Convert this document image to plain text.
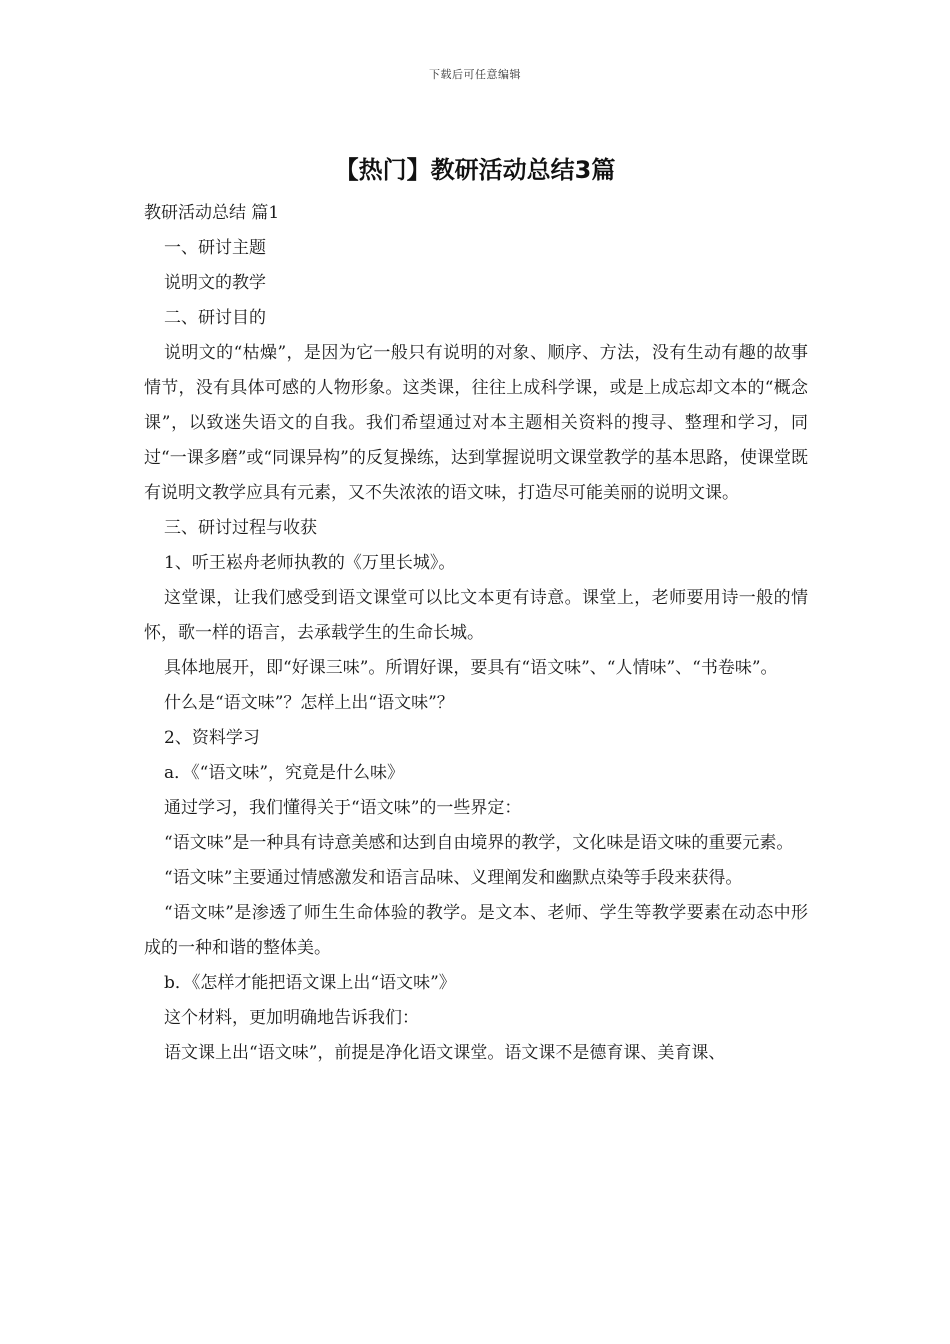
下载后可任意编辑
【热门】教研活动总结3篇

教研活动总结 篇1

一、研讨主题

说明文的教学

二、研讨目的

说明文的“枯燥”，是因为它一般只有说明的对象、顺序、方法，没有生动有趣的故事情节，没有具体可感的人物形象。这类课，往往上成科学课，或是上成忘却文本的“概念课”，以致迷失语文的自我。我们希望通过对本主题相关资料的搜寻、整理和学习，同过“一课多磨”或“同课异构”的反复操练，达到掌握说明文课堂教学的基本思路，使课堂既有说明文教学应具有元素，又不失浓浓的语文味，打造尽可能美丽的说明文课。

三、研讨过程与收获

1、听王崧舟老师执教的《万里长城》。

这堂课，让我们感受到语文课堂可以比文本更有诗意。课堂上，老师要用诗一般的情怀，歌一样的语言，去承载学生的生命长城。

具体地展开，即“好课三味”。所谓好课，要具有“语文味”、“人情味”、“书卷味”。

什么是“语文味”？怎样上出“语文味”？

2、资料学习

a．《“语文味”，究竟是什么味》

通过学习，我们懂得关于“语文味”的一些界定：

“语文味”是一种具有诗意美感和达到自由境界的教学，文化味是语文味的重要元素。

“语文味”主要通过情感激发和语言品味、义理阐发和幽默点染等手段来获得。

“语文味”是渗透了师生生命体验的教学。是文本、老师、学生等教学要素在动态中形成的一种和谐的整体美。

b．《怎样才能把语文课上出“语文味”》

这个材料，更加明确地告诉我们：

语文课上出“语文味”，前提是净化语文课堂。语文课不是德育课、美育课、
